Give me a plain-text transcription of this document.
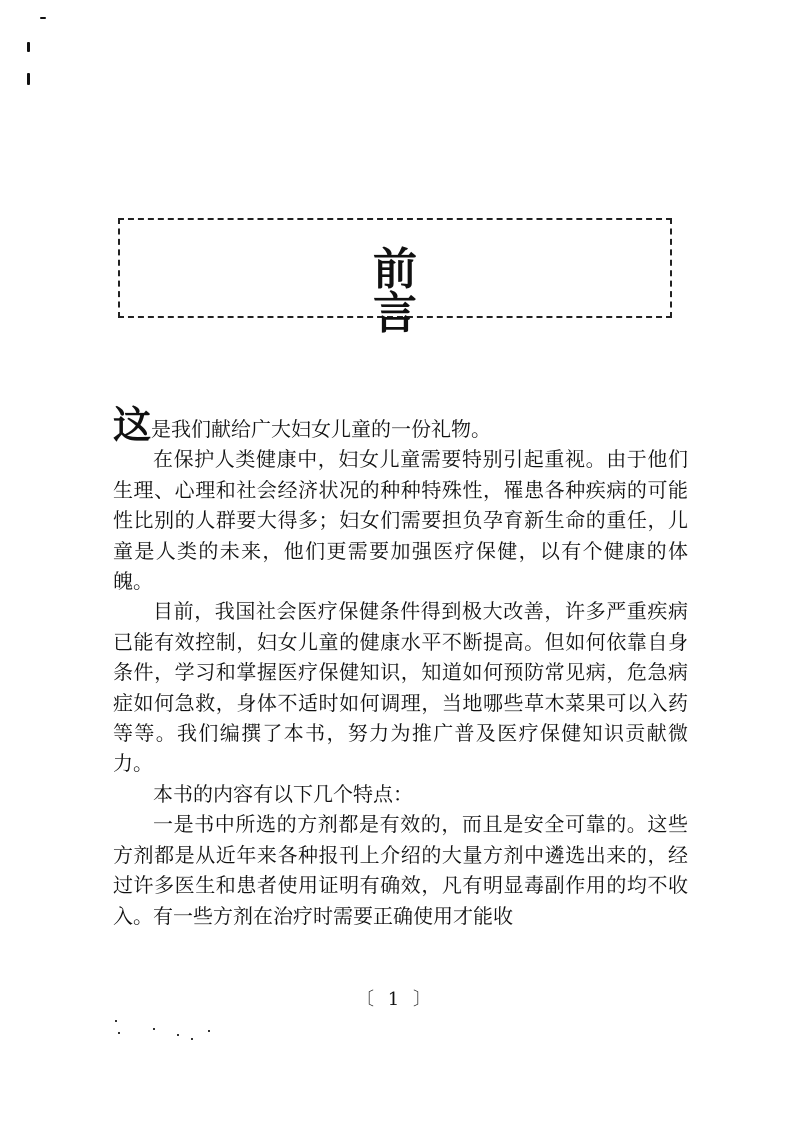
前　言

这是我们献给广大妇女儿童的一份礼物。

在保护人类健康中，妇女儿童需要特别引起重视。由于他们生理、心理和社会经济状况的种种特殊性，罹患各种疾病的可能性比别的人群要大得多；妇女们需要担负孕育新生命的重任，儿童是人类的未来，他们更需要加强医疗保健，以有个健康的体魄。

目前，我国社会医疗保健条件得到极大改善，许多严重疾病已能有效控制，妇女儿童的健康水平不断提高。但如何依靠自身条件，学习和掌握医疗保健知识，知道如何预防常见病，危急病症如何急救，身体不适时如何调理，当地哪些草木菜果可以入药等等。我们编撰了本书，努力为推广普及医疗保健知识贡献微力。

本书的内容有以下几个特点：

一是书中所选的方剂都是有效的，而且是安全可靠的。这些方剂都是从近年来各种报刊上介绍的大量方剂中遴选出来的，经过许多医生和患者使用证明有确效，凡有明显毒副作用的均不收入。有一些方剂在治疗时需要正确使用才能收

〔 1 〕
